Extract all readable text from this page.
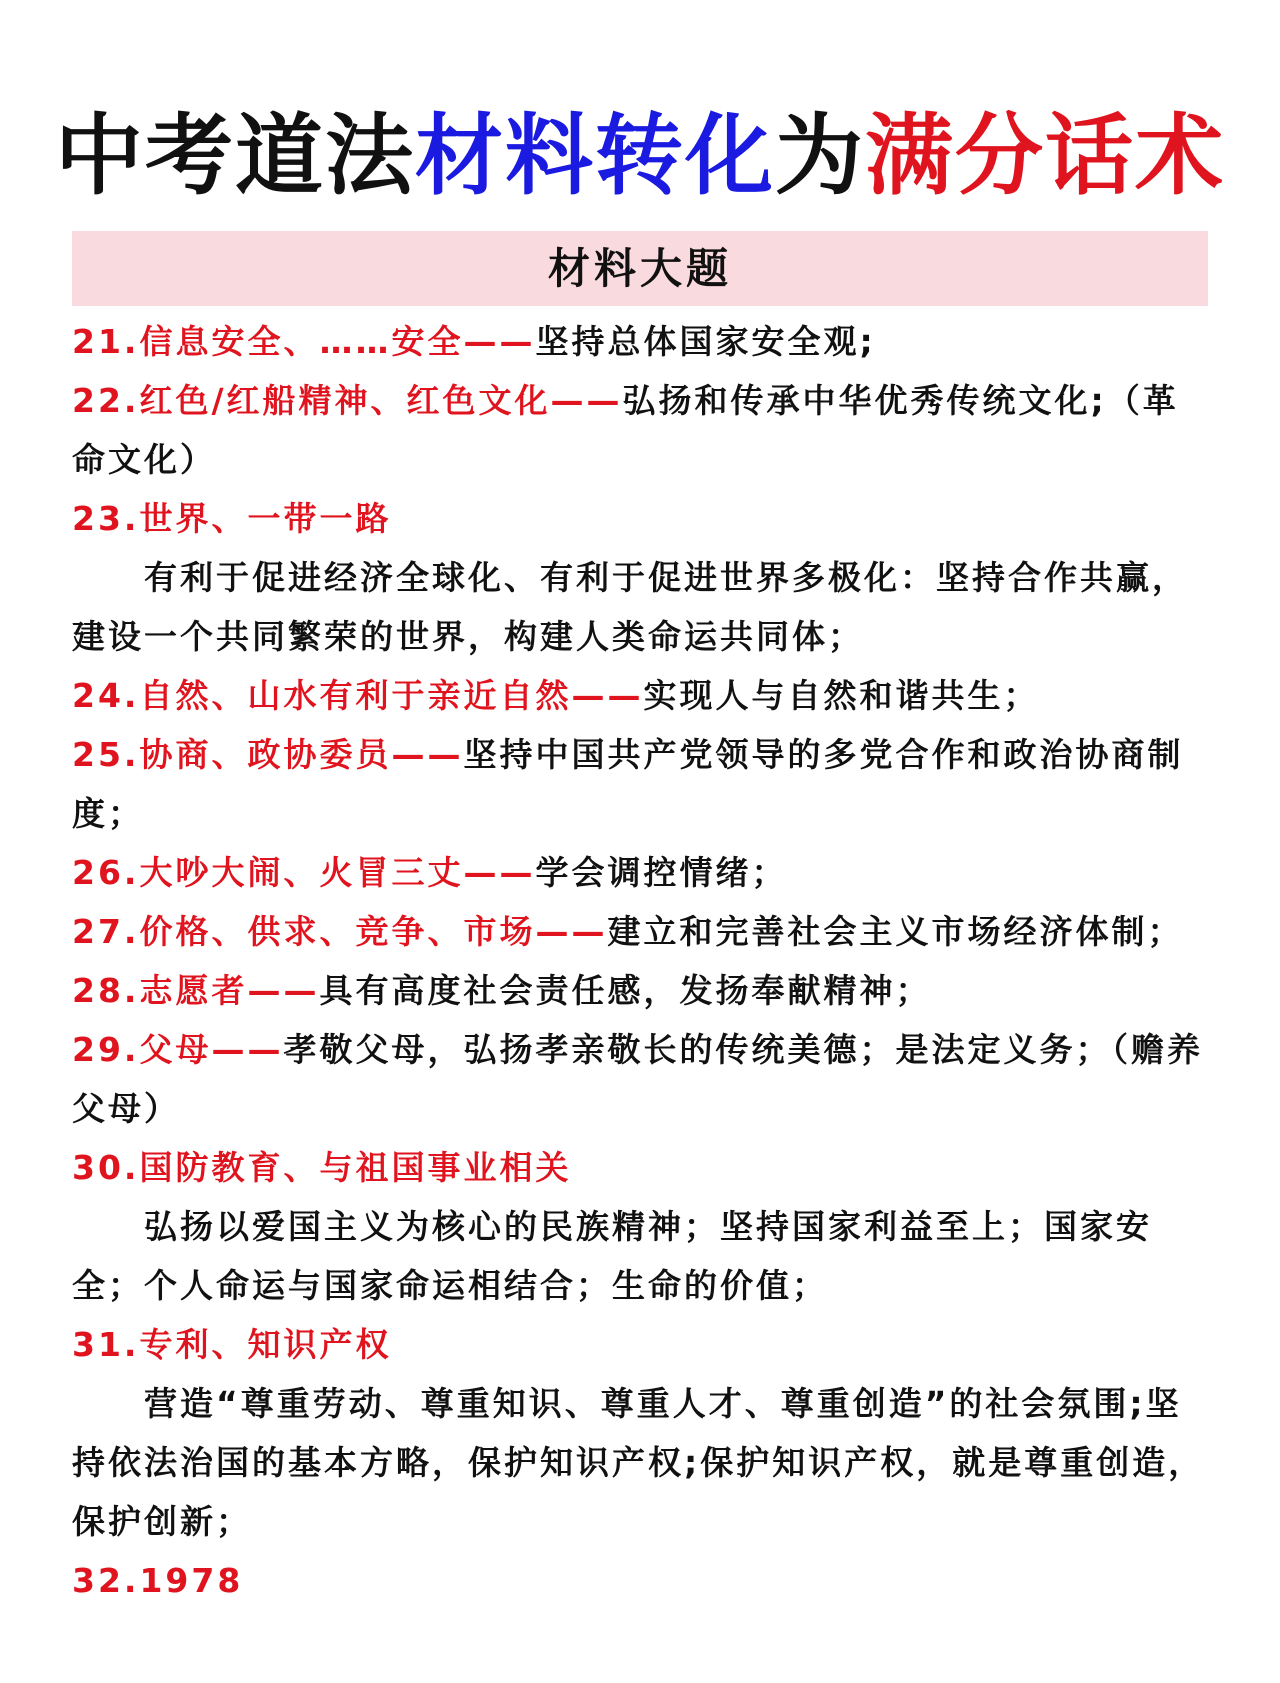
中考道法材料转化为满分话术
材料大题

21.信息安全、……安全——坚持总体国家安全观;

22.红色/红船精神、红色文化——弘扬和传承中华优秀传统文化;（革命文化）

23.世界、一带一路

有利于促进经济全球化、有利于促进世界多极化：坚持合作共赢，建设一个共同繁荣的世界，构建人类命运共同体；

24.自然、山水有利于亲近自然——实现人与自然和谐共生；

25.协商、政协委员——坚持中国共产党领导的多党合作和政治协商制度；

26.大吵大闹、火冒三丈——学会调控情绪；

27.价格、供求、竞争、市场——建立和完善社会主义市场经济体制；

28.志愿者——具有高度社会责任感，发扬奉献精神；

29.父母——孝敬父母，弘扬孝亲敬长的传统美德；是法定义务；（赡养父母）

30.国防教育、与祖国事业相关

弘扬以爱国主义为核心的民族精神；坚持国家利益至上；国家安全；个人命运与国家命运相结合；生命的价值；

31.专利、知识产权

营造“尊重劳动、尊重知识、尊重人才、尊重创造”的社会氛围;坚持依法治国的基本方略，保护知识产权;保护知识产权，就是尊重创造，保护创新；

32.1978
